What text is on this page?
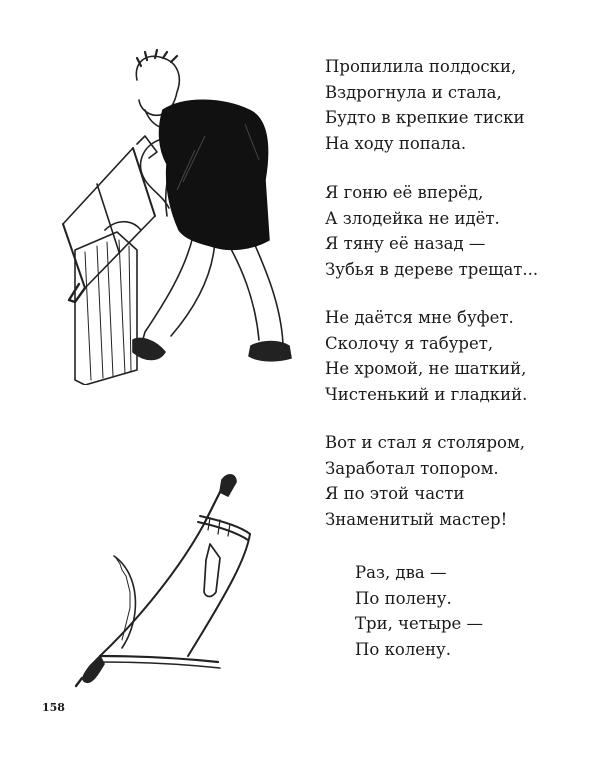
Пропилила полдоски,
Вздрогнула и стала,
Будто в крепкие тиски
На ходу попала.
Я гоню её вперёд,
А злодейка не идёт.
Я тяну её назад —
Зубья в дереве трещат...
Не даётся мне буфет.
Сколочу я табурет,
Не хромой, не шаткий,
Чистенький и гладкий.
Вот и стал я столяром,
Заработал топором.
Я по этой части
Знаменитый мастер!
Раз, два —
По полену.
Три, четыре —
По колену.
158
